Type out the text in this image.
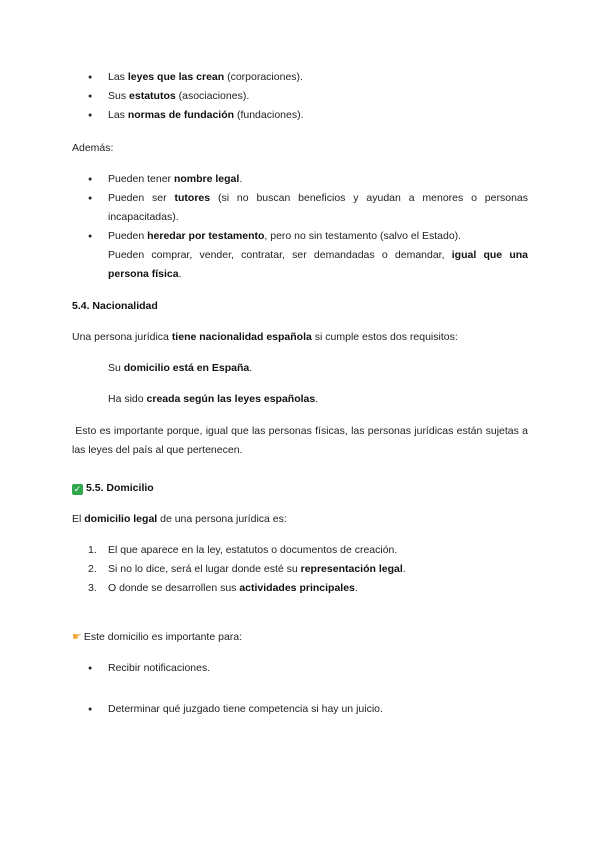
● Las leyes que las crean (corporaciones).
● Sus estatutos (asociaciones).
● Las normas de fundación (fundaciones).
Además:
● Pueden tener nombre legal.
● Pueden ser tutores (si no buscan beneficios y ayudan a menores o personas incapacitadas).
● Pueden heredar por testamento, pero no sin testamento (salvo el Estado).
Pueden comprar, vender, contratar, ser demandadas o demandar, igual que una persona física.
5.4. Nacionalidad
Una persona jurídica tiene nacionalidad española si cumple estos dos requisitos:
Su domicilio está en España.
Ha sido creada según las leyes españolas.
Esto es importante porque, igual que las personas físicas, las personas jurídicas están sujetas a las leyes del país al que pertenecen.
✓ 5.5. Domicilio
El domicilio legal de una persona jurídica es:
1. El que aparece en la ley, estatutos o documentos de creación.
2. Si no lo dice, será el lugar donde esté su representación legal.
3. O donde se desarrollen sus actividades principales.
☛ Este domicilio es importante para:
● Recibir notificaciones.
● Determinar qué juzgado tiene competencia si hay un juicio.
